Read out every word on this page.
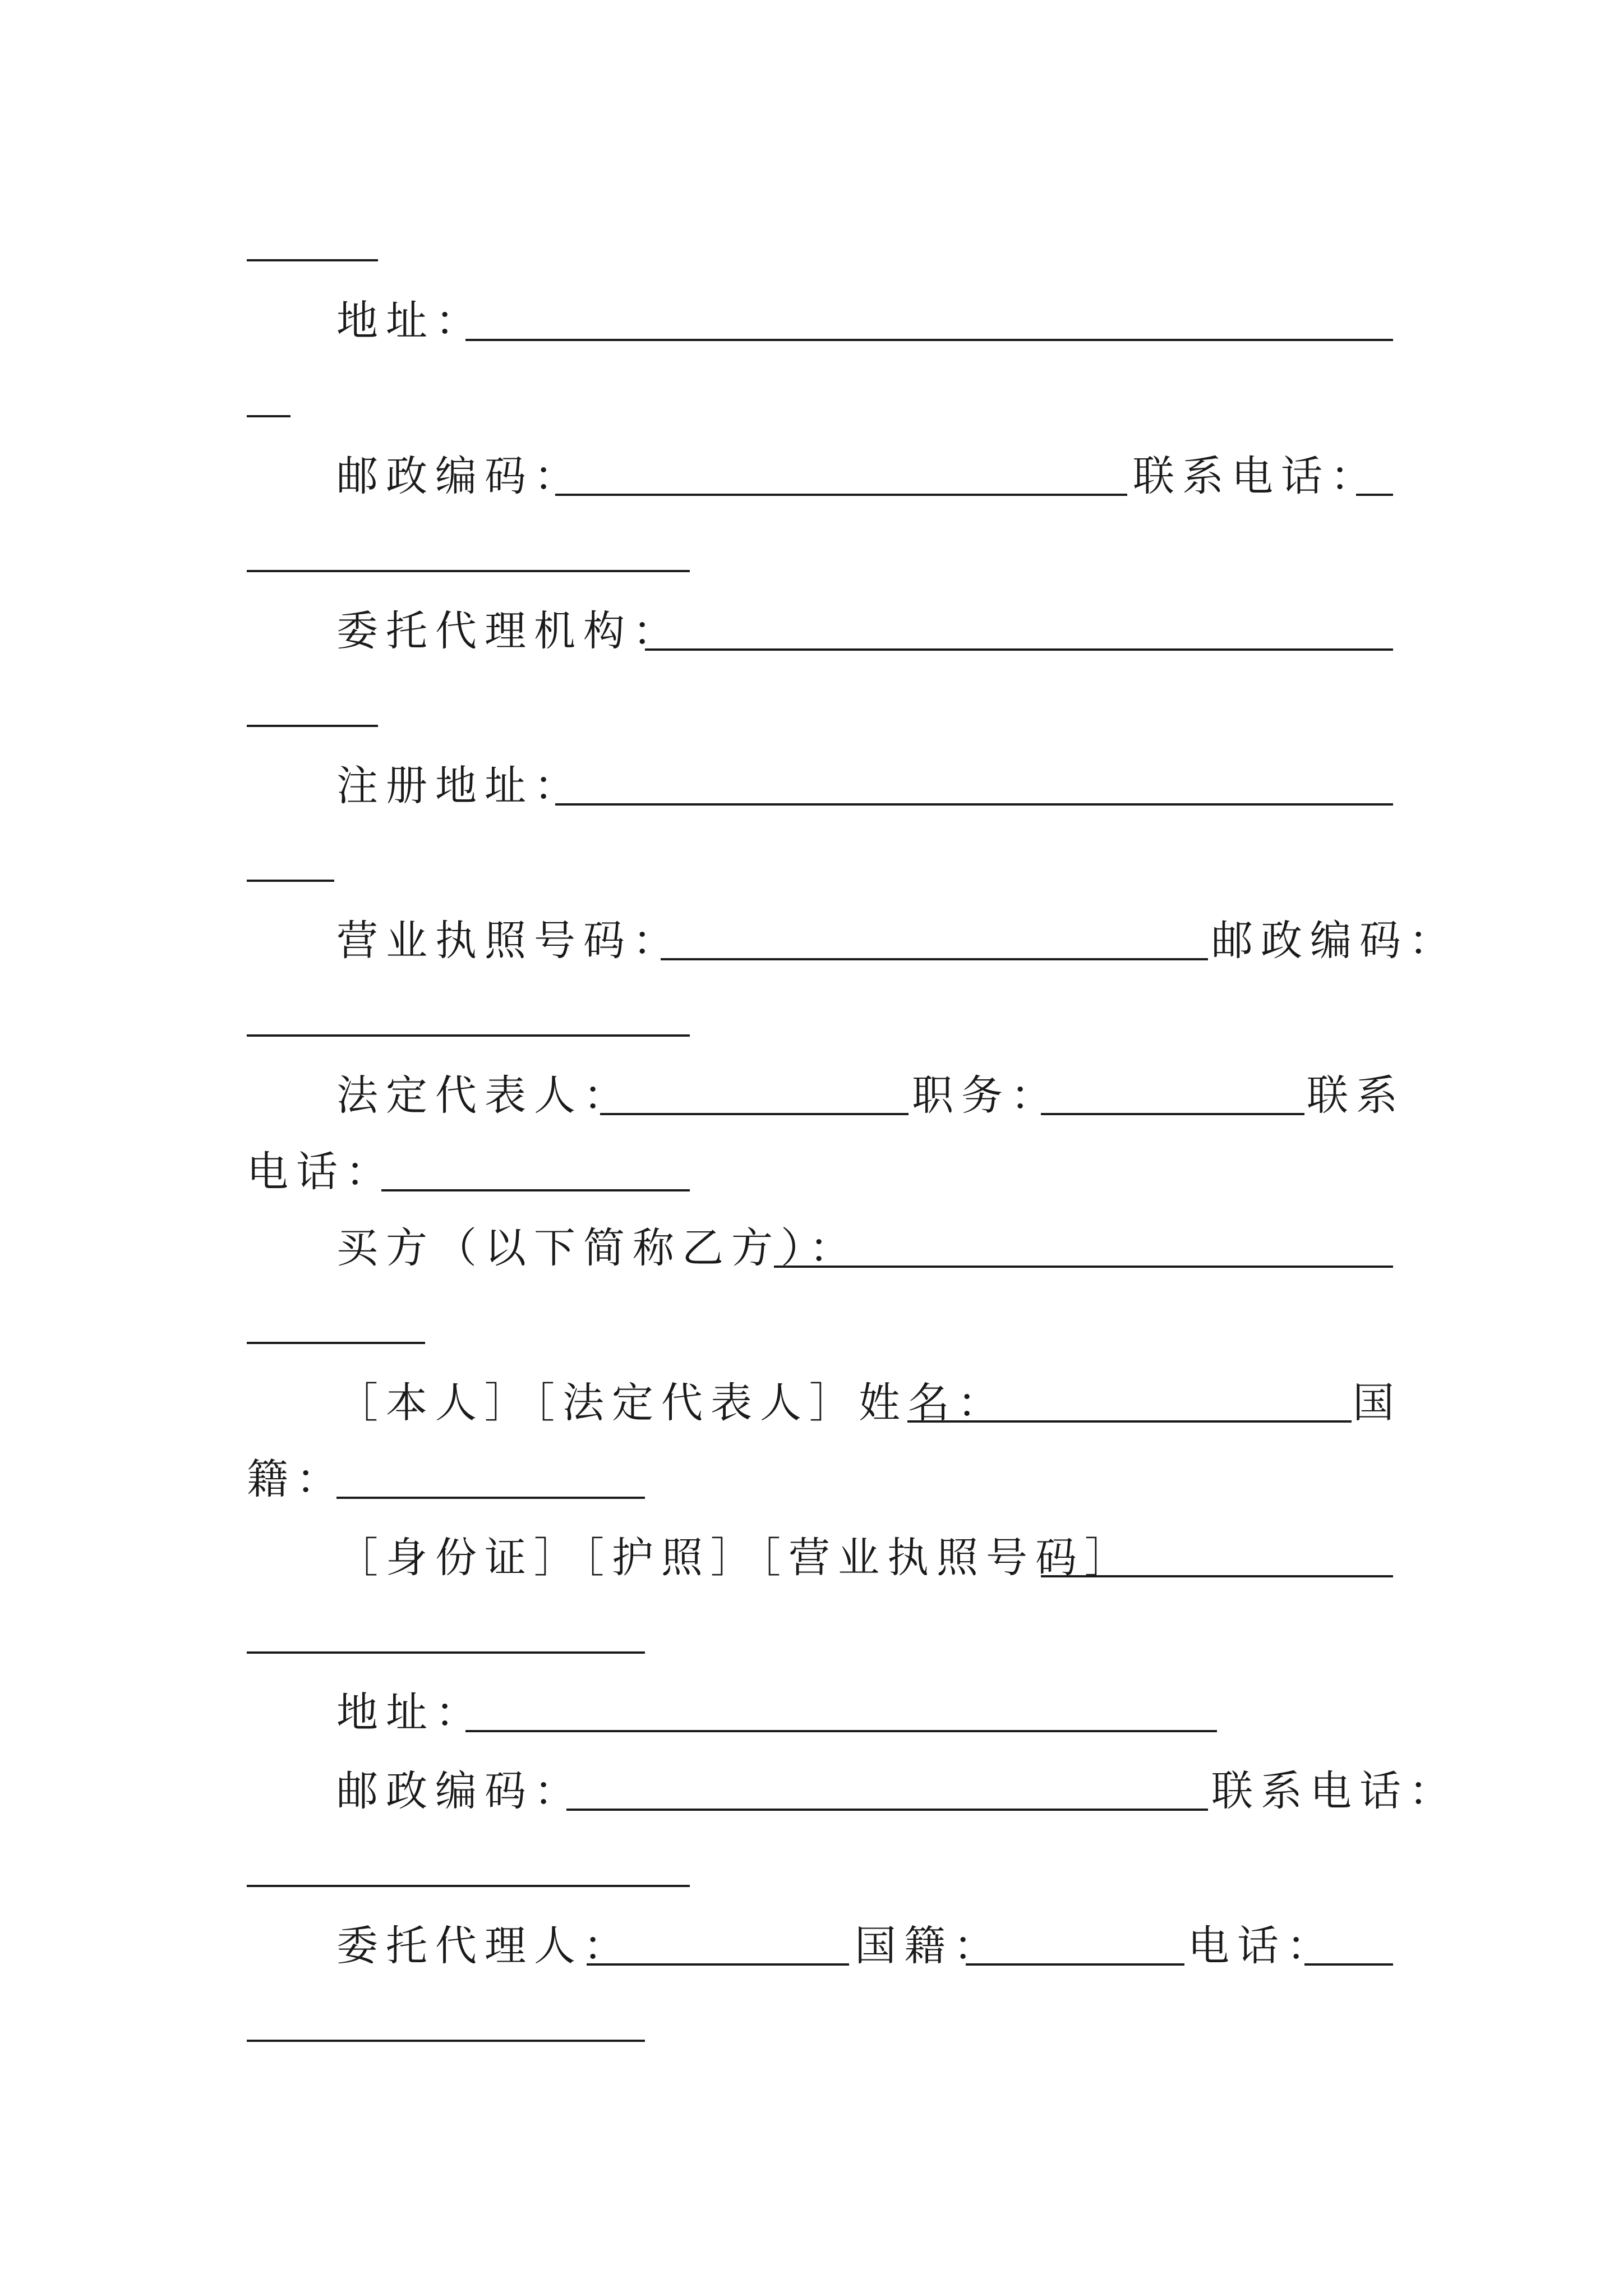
地址：
邮政编码：	联系电话：
委托代理机构：
注册地址：
营业执照号码：	邮政编码：
法定代表人：	职务：	联系
电话：
买方（以下简称乙方）：
［本人］［法定代表人］姓名：	国
籍：
［身份证］［护照］［营业执照号码］
地址：
邮政编码：	联系电话：
委托代理人：	国籍：	电话：
